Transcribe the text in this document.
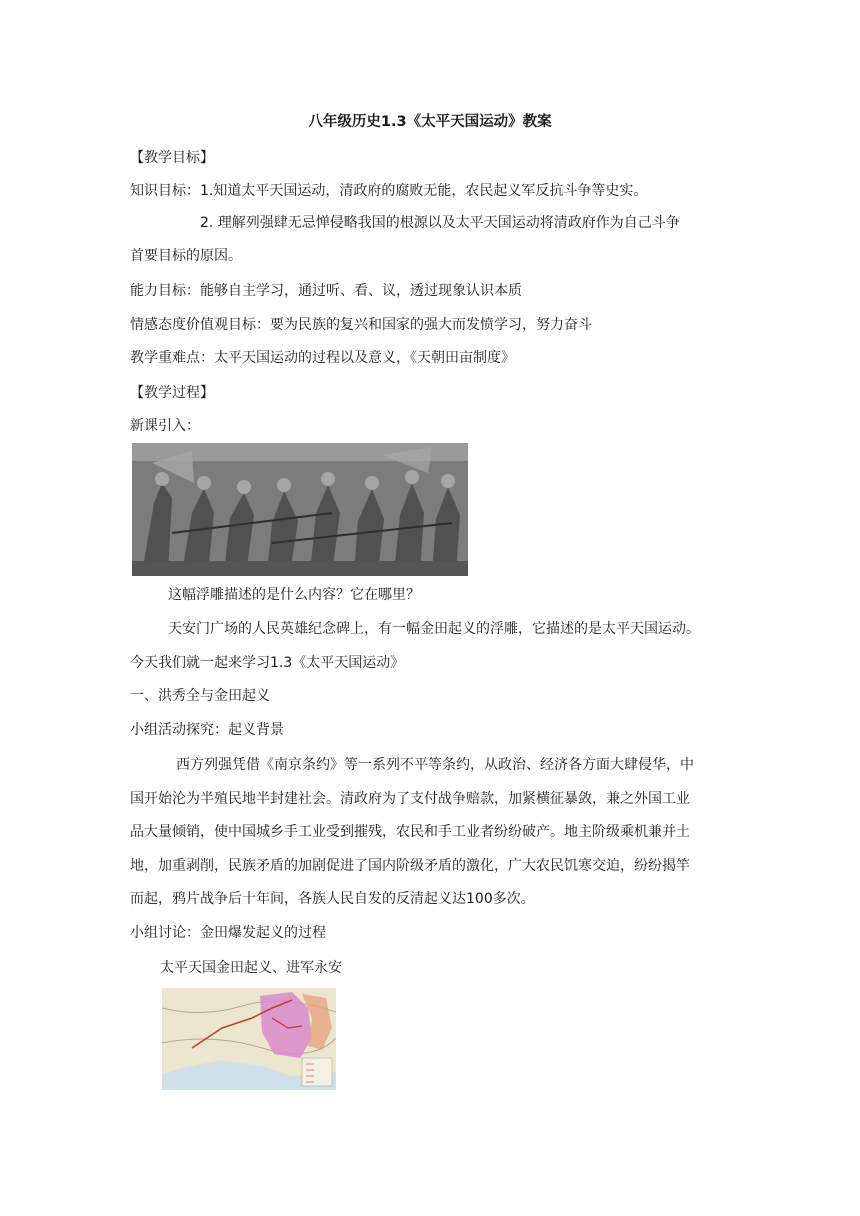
八年级历史1.3《太平天国运动》教案
【教学目标】
知识目标：1.知道太平天国运动，清政府的腐败无能，农民起义军反抗斗争等史实。
2. 理解列强肆无忌惮侵略我国的根源以及太平天国运动将清政府作为自己斗争
首要目标的原因。
能力目标：能够自主学习，通过听、看、议，透过现象认识本质
情感态度价值观目标：要为民族的复兴和国家的强大而发愤学习，努力奋斗
教学重难点：太平天国运动的过程以及意义，《天朝田亩制度》
【教学过程】
新课引入：
这幅浮雕描述的是什么内容？它在哪里？
天安门广场的人民英雄纪念碑上，有一幅金田起义的浮雕，它描述的是太平天国运动。
今天我们就一起来学习1.3《太平天国运动》
一、洪秀全与金田起义
小组活动探究：起义背景
西方列强凭借《南京条约》等一系列不平等条约，从政治、经济各方面大肆侵华，中
国开始沦为半殖民地半封建社会。清政府为了支付战争赔款，加紧横征暴敛，兼之外国工业
品大量倾销，使中国城乡手工业受到摧残，农民和手工业者纷纷破产。地主阶级乘机兼并土
地，加重剥削，民族矛盾的加剧促进了国内阶级矛盾的激化，广大农民饥寒交迫，纷纷揭竿
而起，鸦片战争后十年间，各族人民自发的反清起义达100多次。
小组讨论：金田爆发起义的过程
太平天国金田起义、进军永安
